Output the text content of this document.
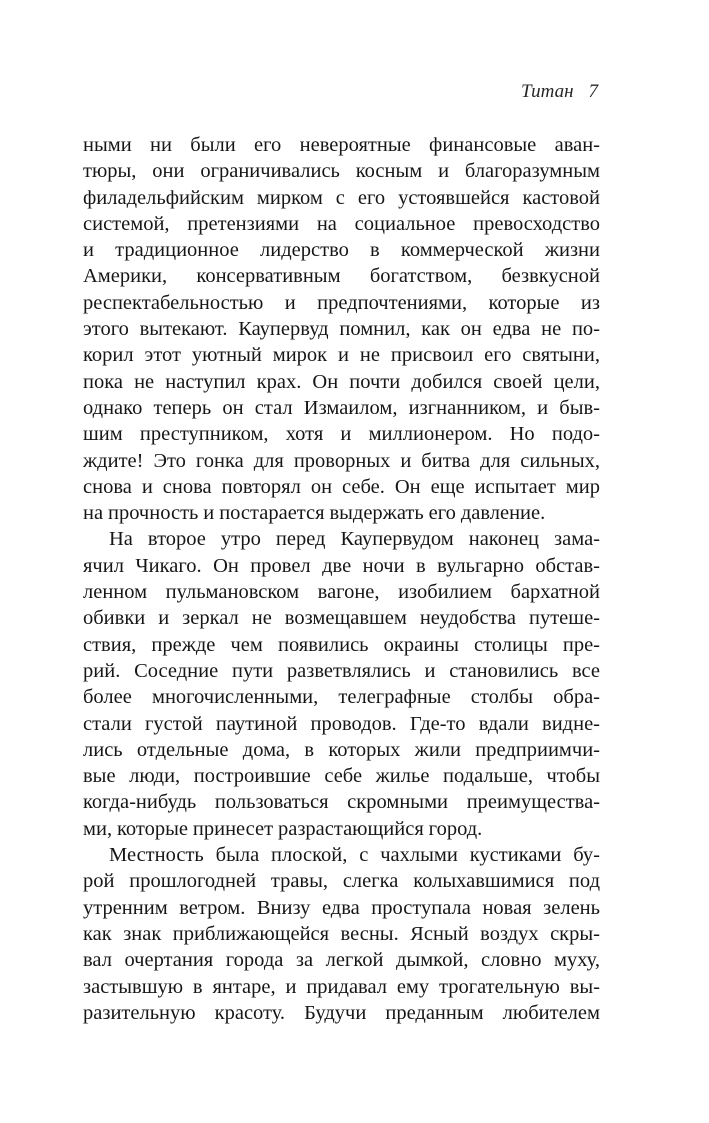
Титан 7
ными ни были его невероятные финансовые аван-
тюры, они ограничивались косным и благоразумным
филадельфийским мирком с его устоявшейся кастовой
системой, претензиями на социальное превосходство
и традиционное лидерство в коммерческой жизни
Америки, консервативным богатством, безвкусной
респектабельностью и предпочтениями, которые из
этого вытекают. Каупервуд помнил, как он едва не по-
корил этот уютный мирок и не присвоил его святыни,
пока не наступил крах. Он почти добился своей цели,
однако теперь он стал Измаилом, изгнанником, и быв-
шим преступником, хотя и миллионером. Но подо-
ждите! Это гонка для проворных и битва для сильных,
снова и снова повторял он себе. Он еще испытает мир
на прочность и постарается выдержать его давление.
На второе утро перед Каупервудом наконец зама-
ячил Чикаго. Он провел две ночи в вульгарно обстав-
ленном пульмановском вагоне, изобилием бархатной
обивки и зеркал не возмещавшем неудобства путеше-
ствия, прежде чем появились окраины столицы пре-
рий. Соседние пути разветвлялись и становились все
более многочисленными, телеграфные столбы обра-
стали густой паутиной проводов. Где-то вдали видне-
лись отдельные дома, в которых жили предприимчи-
вые люди, построившие себе жилье подальше, чтобы
когда-нибудь пользоваться скромными преимущества-
ми, которые принесет разрастающийся город.
Местность была плоской, с чахлыми кустиками бу-
рой прошлогодней травы, слегка колыхавшимися под
утренним ветром. Внизу едва проступала новая зелень
как знак приближающейся весны. Ясный воздух скры-
вал очертания города за легкой дымкой, словно муху,
застывшую в янтаре, и придавал ему трогательную вы-
разительную красоту. Будучи преданным любителем
